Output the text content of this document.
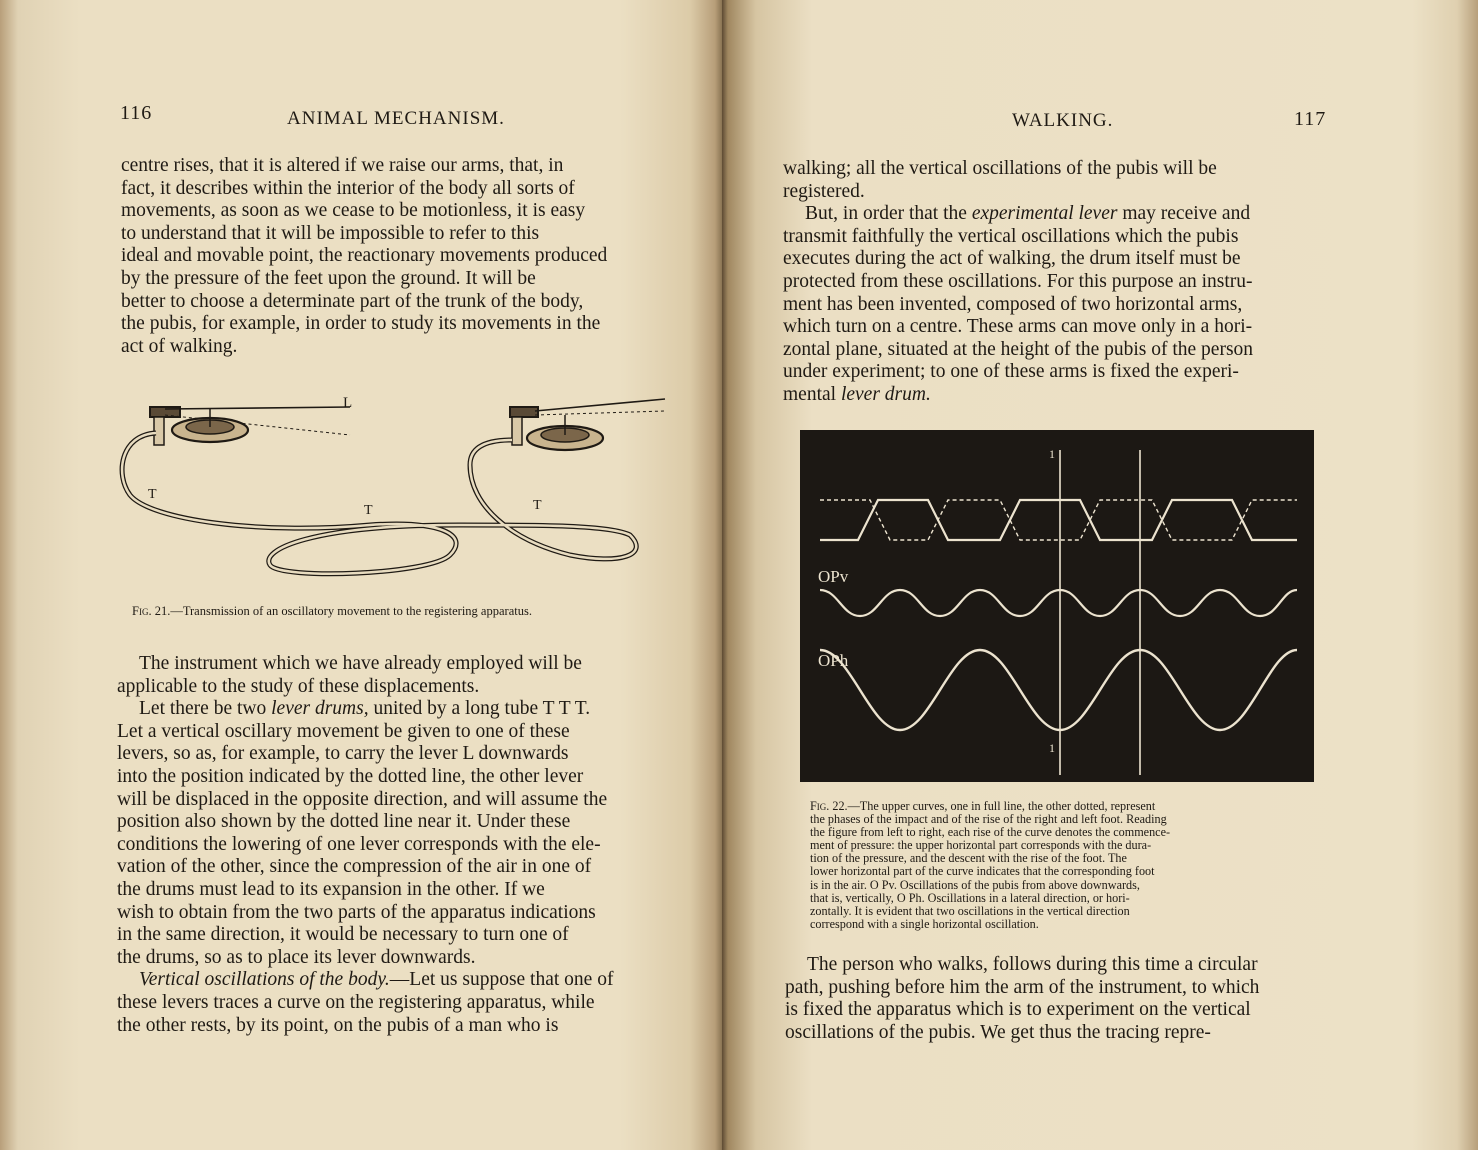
116	ANIMAL MECHANISM.

centre rises, that it is altered if we raise our arms, that, in

fact, it describes within the interior of the body all sorts of

movements, as soon as we cease to be motionless, it is easy

to understand that it will be impossible to refer to this

ideal and movable point, the reactionary movements produced

by the pressure of the feet upon the ground. It will be

better to choose a determinate part of the trunk of the body,

the pubis, for example, in order to study its movements in the

act of walking.

L
T
T	T
Fig. 21.—Transmission of an oscillatory movement to the registering apparatus.

The instrument which we have already employed will be

applicable to the study of these displacements.

Let there be two lever drums, united by a long tube T T T.

Let a vertical oscillary movement be given to one of these

levers, so as, for example, to carry the lever L downwards

into the position indicated by the dotted line, the other lever

will be displaced in the opposite direction, and will assume the

position also shown by the dotted line near it. Under these

conditions the lowering of one lever corresponds with the ele-

vation of the other, since the compression of the air in one of

the drums must lead to its expansion in the other. If we

wish to obtain from the two parts of the apparatus indications

in the same direction, it would be necessary to turn one of

the drums, so as to place its lever downwards.

Vertical oscillations of the body.—Let us suppose that one of

these levers traces a curve on the registering apparatus, while

the other rests, by its point, on the pubis of a man who is

WALKING.	117

walking; all the vertical oscillations of the pubis will be

registered.

But, in order that the experimental lever may receive and

transmit faithfully the vertical oscillations which the pubis

executes during the act of walking, the drum itself must be

protected from these oscillations. For this purpose an instru-

ment has been invented, composed of two horizontal arms,

which turn on a centre. These arms can move only in a hori-

zontal plane, situated at the height of the pubis of the person

under experiment; to one of these arms is fixed the experi-

mental lever drum.

OPv
OPh
1
1
Fig. 22.—The upper curves, one in full line, the other dotted, represent
the phases of the impact and of the rise of the right and left foot. Reading
the figure from left to right, each rise of the curve denotes the commence-
ment of pressure: the upper horizontal part corresponds with the dura-
tion of the pressure, and the descent with the rise of the foot. The
lower horizontal part of the curve indicates that the corresponding foot
is in the air. O Pv. Oscillations of the pubis from above downwards,
that is, vertically, O Ph. Oscillations in a lateral direction, or hori-
zontally. It is evident that two oscillations in the vertical direction
correspond with a single horizontal oscillation.

The person who walks, follows during this time a circular

path, pushing before him the arm of the instrument, to which

is fixed the apparatus which is to experiment on the vertical

oscillations of the pubis. We get thus the tracing repre-
